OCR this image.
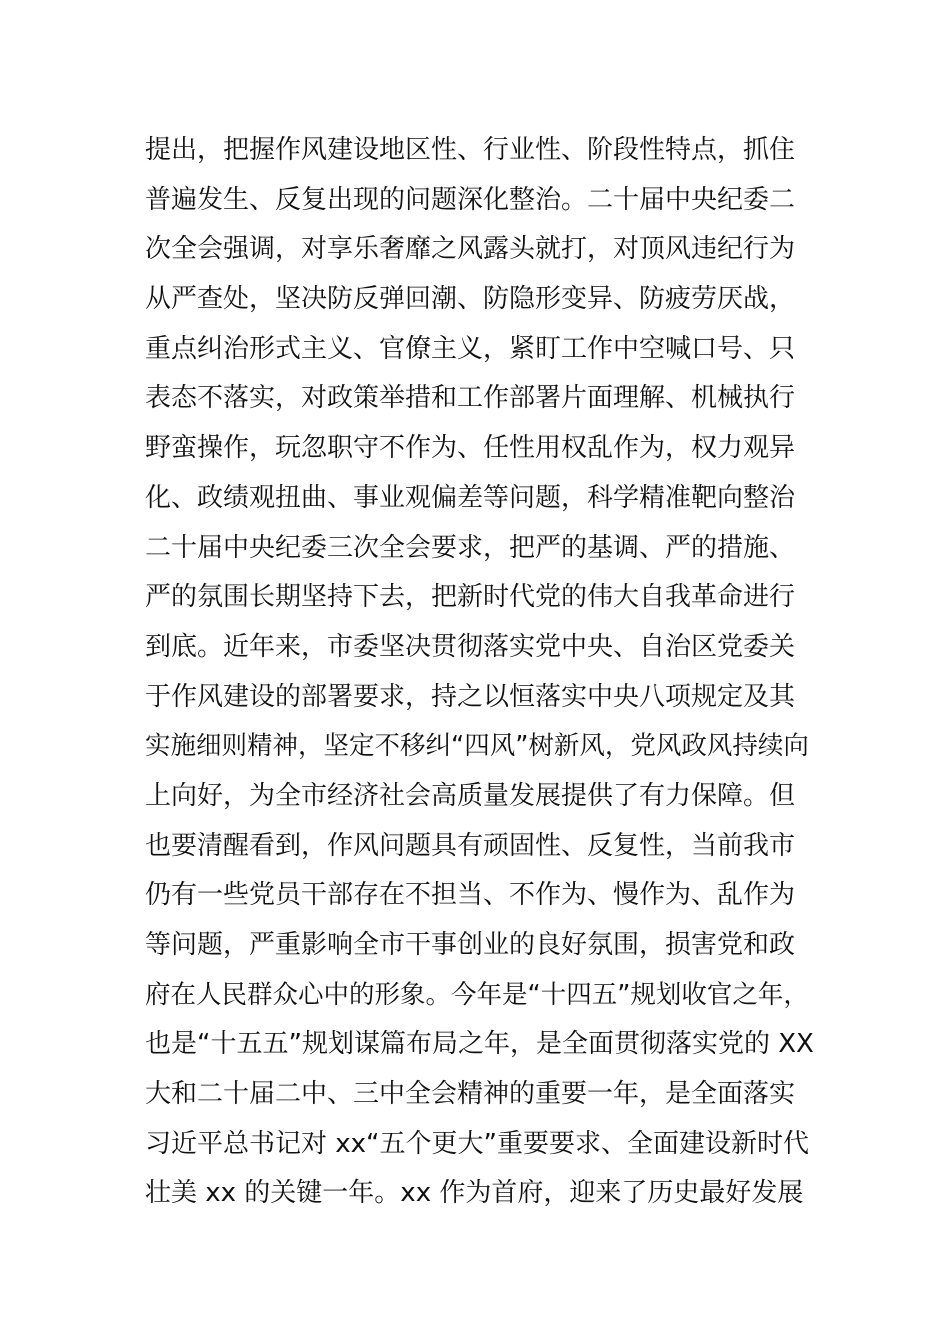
提出，把握作风建设地区性、行业性、阶段性特点，抓住
普遍发生、反复出现的问题深化整治。二十届中央纪委二
次全会强调，对享乐奢靡之风露头就打，对顶风违纪行为
从严查处，坚决防反弹回潮、防隐形变异、防疲劳厌战，
重点纠治形式主义、官僚主义，紧盯工作中空喊口号、只
表态不落实，对政策举措和工作部署片面理解、机械执行
野蛮操作，玩忽职守不作为、任性用权乱作为，权力观异
化、政绩观扭曲、事业观偏差等问题，科学精准靶向整治
二十届中央纪委三次全会要求，把严的基调、严的措施、
严的氛围长期坚持下去，把新时代党的伟大自我革命进行
到底。近年来，市委坚决贯彻落实党中央、自治区党委关
于作风建设的部署要求，持之以恒落实中央八项规定及其
实施细则精神，坚定不移纠“四风”树新风，党风政风持续向
上向好，为全市经济社会高质量发展提供了有力保障。但
也要清醒看到，作风问题具有顽固性、反复性，当前我市
仍有一些党员干部存在不担当、不作为、慢作为、乱作为
等问题，严重影响全市干事创业的良好氛围，损害党和政
府在人民群众心中的形象。今年是“十四五”规划收官之年，
也是“十五五”规划谋篇布局之年，是全面贯彻落实党的 XX
大和二十届二中、三中全会精神的重要一年，是全面落实
习近平总书记对 xx“五个更大”重要要求、全面建设新时代
壮美 xx 的关键一年。xx 作为首府，迎来了历史最好发展
